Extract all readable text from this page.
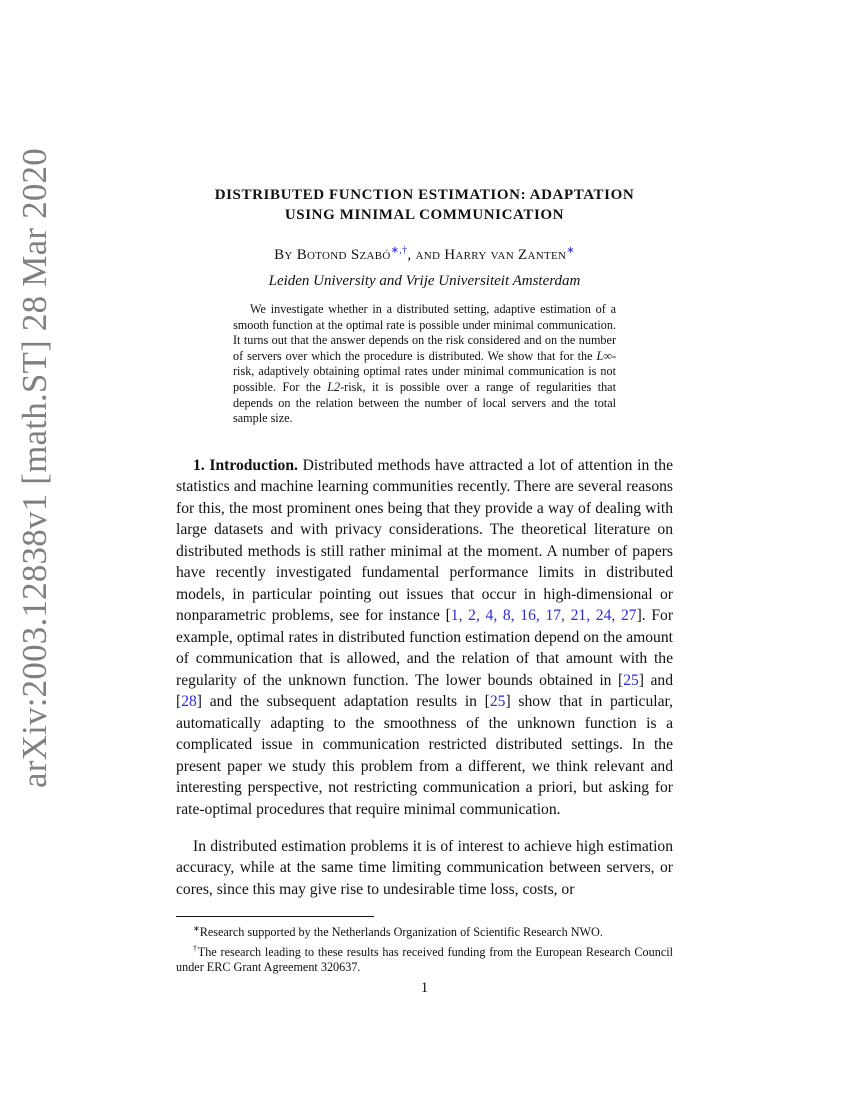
arXiv:2003.12838v1 [math.ST] 28 Mar 2020	DISTRIBUTED FUNCTION ESTIMATION: ADAPTATION
USING MINIMAL COMMUNICATION
By Botond Szabó∗,†, and Harry van Zanten∗
Leiden University and Vrije Universiteit Amsterdam

We investigate whether in a distributed setting, adaptive estimation of a smooth function at the optimal rate is possible under minimal communication. It turns out that the answer depends on the risk considered and on the number of servers over which the procedure is distributed. We show that for the L∞-risk, adaptively obtaining optimal rates under minimal communication is not possible. For the L2-risk, it is possible over a range of regularities that depends on the relation between the number of local servers and the total sample size.

1. Introduction. Distributed methods have attracted a lot of attention in the statistics and machine learning communities recently. There are several reasons for this, the most prominent ones being that they provide a way of dealing with large datasets and with privacy considerations. The theoretical literature on distributed methods is still rather minimal at the moment. A number of papers have recently investigated fundamental performance limits in distributed models, in particular pointing out issues that occur in high-dimensional or nonparametric problems, see for instance [1, 2, 4, 8, 16, 17, 21, 24, 27]. For example, optimal rates in distributed function estimation depend on the amount of communication that is allowed, and the relation of that amount with the regularity of the unknown function. The lower bounds obtained in [25] and [28] and the subsequent adaptation results in [25] show that in particular, automatically adapting to the smoothness of the unknown function is a complicated issue in communication restricted distributed settings. In the present paper we study this problem from a different, we think relevant and interesting perspective, not restricting communication a priori, but asking for rate-optimal procedures that require minimal communication.

In distributed estimation problems it is of interest to achieve high estimation accuracy, while at the same time limiting communication between servers, or cores, since this may give rise to undesirable time loss, costs, or

∗Research supported by the Netherlands Organization of Scientific Research NWO.

†The research leading to these results has received funding from the European Research Council under ERC Grant Agreement 320637.

1
